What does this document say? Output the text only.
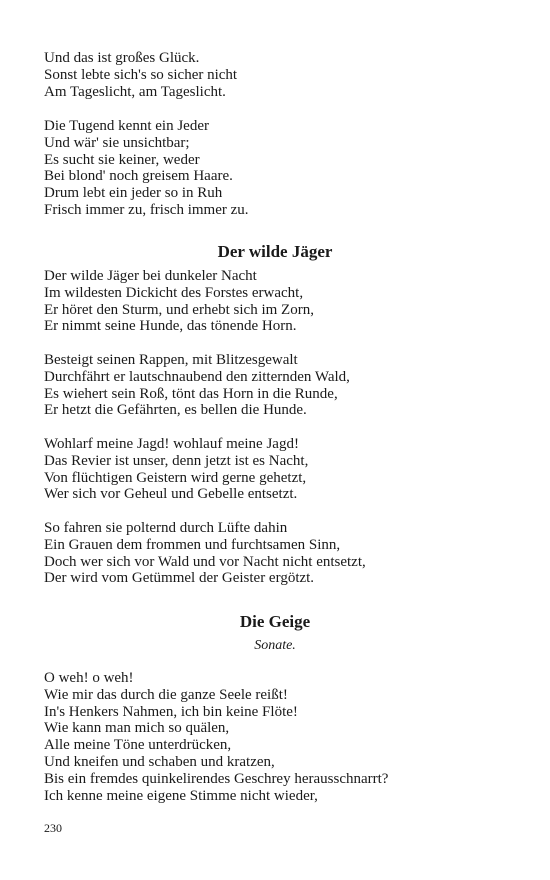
Und das ist großes Glück.
Sonst lebte sich's so sicher nicht
Am Tageslicht, am Tageslicht.
Die Tugend kennt ein Jeder
Und wär' sie unsichtbar;
Es sucht sie keiner, weder
Bei blond' noch greisem Haare.
Drum lebt ein jeder so in Ruh
Frisch immer zu, frisch immer zu.
Der wilde Jäger
Der wilde Jäger bei dunkeler Nacht
Im wildesten Dickicht des Forstes erwacht,
Er höret den Sturm, und erhebt sich im Zorn,
Er nimmt seine Hunde, das tönende Horn.
Besteigt seinen Rappen, mit Blitzesgewalt
Durchfährt er lautschnaubend den zitternden Wald,
Es wiehert sein Roß, tönt das Horn in die Runde,
Er hetzt die Gefährten, es bellen die Hunde.
Wohlarf meine Jagd! wohlauf meine Jagd!
Das Revier ist unser, denn jetzt ist es Nacht,
Von flüchtigen Geistern wird gerne gehetzt,
Wer sich vor Geheul und Gebelle entsetzt.
So fahren sie polternd durch Lüfte dahin
Ein Grauen dem frommen und furchtsamen Sinn,
Doch wer sich vor Wald und vor Nacht nicht entsetzt,
Der wird vom Getümmel der Geister ergötzt.
Die Geige
Sonate.
O weh! o weh!
Wie mir das durch die ganze Seele reißt!
In's Henkers Nahmen, ich bin keine Flöte!
Wie kann man mich so quälen,
Alle meine Töne unterdrücken,
Und kneifen und schaben und kratzen,
Bis ein fremdes quinkelirendes Geschrey herausschnarrt?
Ich kenne meine eigene Stimme nicht wieder,
230
